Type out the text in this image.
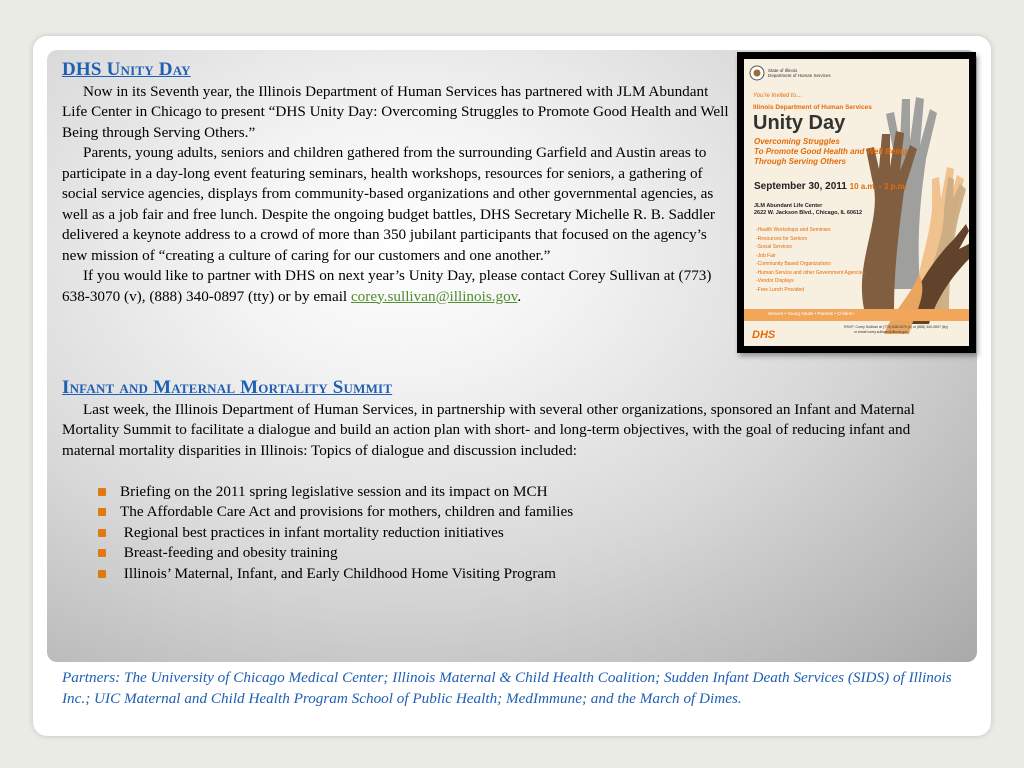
DHS Unity Day

Now in its Seventh year, the Illinois Department of Human Services has partnered with JLM Abundant Life Center in Chicago to present “DHS Unity Day: Overcoming Struggles to Promote Good Health and Well Being through Serving Others.”

Parents, young adults, seniors and children gathered from the surrounding Garfield and Austin areas to participate in a day-long event featuring seminars, health workshops, resources for seniors, a gathering of social service agencies, displays from community-based organizations and other governmental agencies, as well as a job fair and free lunch. Despite the ongoing budget battles, DHS Secretary Michelle R. B. Saddler delivered a keynote address to a crowd of more than 350 jubilant participants that focused on the agency’s new mission of “creating a culture of caring for our customers and one another.”

If you would like to partner with DHS on next year’s Unity Day, please contact Corey Sullivan at (773) 638-3070 (v), (888) 340-0897 (tty) or by email corey.sullivan@illinois.gov.

State of Illinois
Department of Human Services
You're Invited to....
Illinois Department of Human Services
Unity Day
Overcoming Struggles
To Promote Good Health and Well Being
Through Serving Others
September 30, 2011 10 a.m. - 3 p.m.
JLM Abundant Life Center
2622 W. Jackson Blvd., Chicago, IL 60612
-Health Workshops and Seminars
-Resources for Seniors
-Social Services
-Job Fair
-Community Based Organizations
-Human Service and other Government Agencies
-Vendor Displays
-Free Lunch Provided
Seniors • Young Adults • Parents • Children
DHS
RSVP: Corey Sullivan at (773) 638-3070 (v) or (888) 340-0897 (tty)
or email corey.sullivan@illinois.gov
Infant and Maternal Mortality Summit

Last week, the Illinois Department of Human Services, in partnership with several other organizations, sponsored an Infant and Maternal Mortality Summit to facilitate a dialogue and build an action plan with short- and long-term objectives, with the goal of reducing infant and maternal mortality disparities in Illinois: Topics of dialogue and discussion included:

Briefing on the 2011 spring legislative session and its impact on MCH
The Affordable Care Act and provisions for mothers, children and families
Regional best practices in infant mortality reduction initiatives
Breast-feeding and obesity training
Illinois’ Maternal, Infant, and Early Childhood Home Visiting Program

Partners: The University of Chicago Medical Center; Illinois Maternal & Child Health Coalition; Sudden Infant Death Services (SIDS) of Illinois Inc.; UIC Maternal and Child Health Program School of Public Health; MedImmune; and the March of Dimes.
